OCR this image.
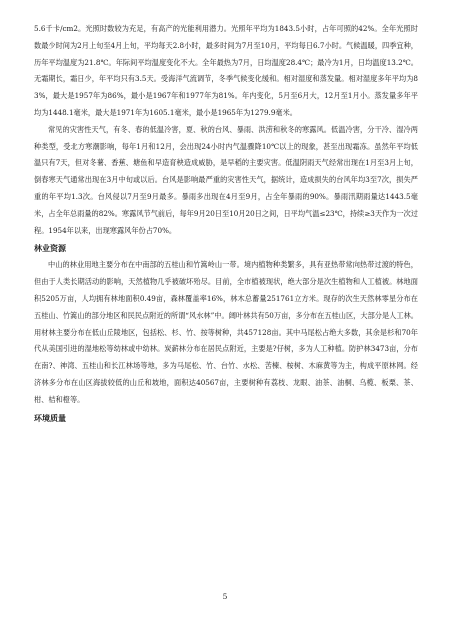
5.6千卡/cm2。光照时数较为充足，有高产的光能利用潜力。光照年平均为1843.5小时，占年可照的42%。全年光照时数最少时间为2月上旬至4月上旬，平均每天2.8小时，最多时间为7月至10月，平均每日6.7小时。气候温暖，四季宜种，历年平均温度为21.8℃。年际间平均温度变化不大。全年最热为7月，日均温度28.4℃；最冷为1月，日均温度13.2℃。无霜期长，霜日少，年平均只有3.5天。受海洋气流调节，冬季气候变化缓和。相对湿度和蒸发量。相对湿度多年平均为83%，最大是1957年为86%，最小是1967年和1977年为81%。年内变化，5月至6月大，12月至1月小。蒸发量多年平均为1448.1毫米，最大是1971年为1605.1毫米，最小是1965年为1279.9毫米。

常见的灾害性天气，有冬、春的低温冷害，夏、秋的台风、暴雨、洪涝和秋冬的寒露风。低温冷害，分干冷、湿冷两种类型，受北方寒潮影响，每年1月和12月，会出现24小时内气温骤降10℃以上的现象，甚至出现霜冻。虽然年平均低温只有7天，但对冬薯、香蕉、塘鱼和早造育秧造成威胁，是早稻的主要灾害。低温阴雨天气经常出现在1月至3月上旬，倒春寒天气通常出现在3月中旬或以后。台风是影响最严重的灾害性天气，据统计，造成损失的台风年均3至7次，损失严重的年平均1.3次。台风侵以7月至9月最多。暴雨多出现在4月至9月，占全年暴雨的90%。暴雨汛期雨量达1443.5毫米，占全年总雨量的82%。寒露风节气前后，每年9月20日至10月20日之间，日平均气温≤23℃，持续≥3天作为一次过程。1954年以来，出现寒露风年份占70%。

林业资源

中山的林业用地主要分布在中南部的五桂山和竹篙岭山一带。境内植物种类繁多，具有亚热带常向热带过渡的特色，但由于人类长期活动的影响，天然植物几乎被破坏殆尽。目前，全市植被现状，绝大部分是次生植物和人工植被。林地面积5205万亩，人均拥有林地面积0.49亩，森林覆盖率16%，林木总蓄量251761立方米。现存的次生天然林零星分布在五桂山、竹篙山的部分地区和民民点附近的所谓“风水林”中。阔叶林共有50万亩，多分布在五桂山区，大部分是人工林。用材林主要分布在低山丘陵地区，包括松、杉、竹、按等树种，共457128亩。其中马尾松占绝大多数，其余是杉和70年代从美国引进的湿地松等幼林或中幼林。炭薪林分布在居民点附近，主要是?仔树，多为人工种植。防护林3473亩，分布在南?、神湾、五桂山和长江林场等地，多为马尾松、竹、台竹、水松、苦楝、桉树、木麻黄等为主，构成平原林网。经济林多分布在山区海拔较低的山丘和坡地，面积达40567亩，主要树种有荔枝、龙眼、油茶、油桐、乌榄、板栗、茶、柑、桔和橙等。

环境质量
5
